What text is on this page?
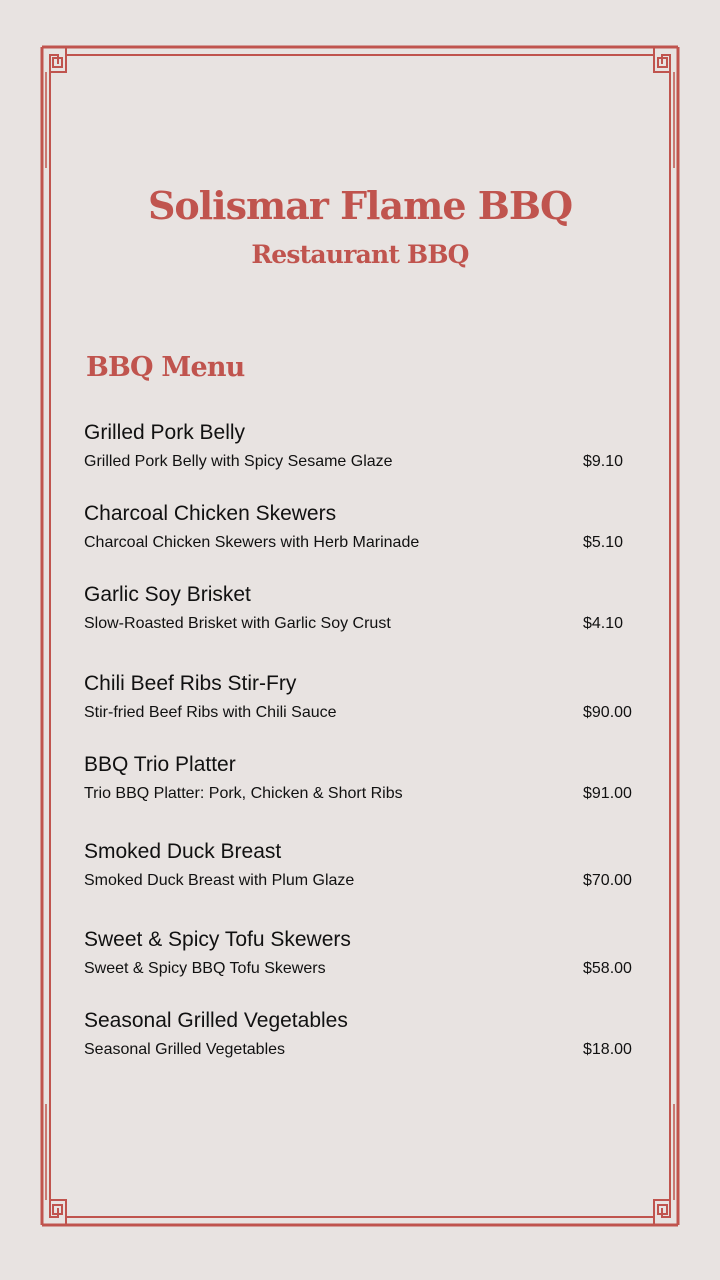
Solismar Flame BBQ
Restaurant BBQ
BBQ Menu
Grilled Pork Belly
Grilled Pork Belly with Spicy Sesame Glaze	$9.10
Charcoal Chicken Skewers
Charcoal Chicken Skewers with Herb Marinade	$5.10
Garlic Soy Brisket
Slow-Roasted Brisket with Garlic Soy Crust	$4.10
Chili Beef Ribs Stir-Fry
Stir-fried Beef Ribs with Chili Sauce	$90.00
BBQ Trio Platter
Trio BBQ Platter: Pork, Chicken & Short Ribs	$91.00
Smoked Duck Breast
Smoked Duck Breast with Plum Glaze	$70.00
Sweet & Spicy Tofu Skewers
Sweet & Spicy BBQ Tofu Skewers	$58.00
Seasonal Grilled Vegetables
Seasonal Grilled Vegetables	$18.00
